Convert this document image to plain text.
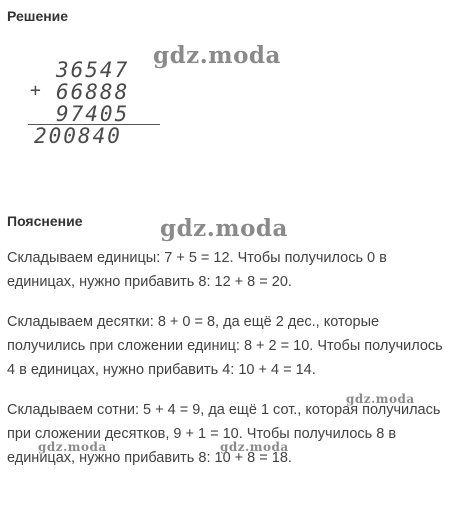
Решение
gdz.moda
36547
+ 66888
97405
200840
Пояснение	gdz.moda
Складываем единицы: 7 + 5 = 12. Чтобы получилось 0 в единицах, нужно прибавить 8: 12 + 8 = 20.
Складываем десятки: 8 + 0 = 8, да ещё 2 дес., которые получились при сложении единиц: 8 + 2 = 10. Чтобы получилось 4 в единицах, нужно прибавить 4: 10 + 4 = 14.
Складываем сотни: 5 + 4 = 9, да ещё 1 сот., которая получилась при сложении десятков, 9 + 1 = 10. Чтобы получилось 8 в единицах, нужно прибавить 8: 10 + 8 = 18.
gdz.moda
gdz.moda	gdz.moda
